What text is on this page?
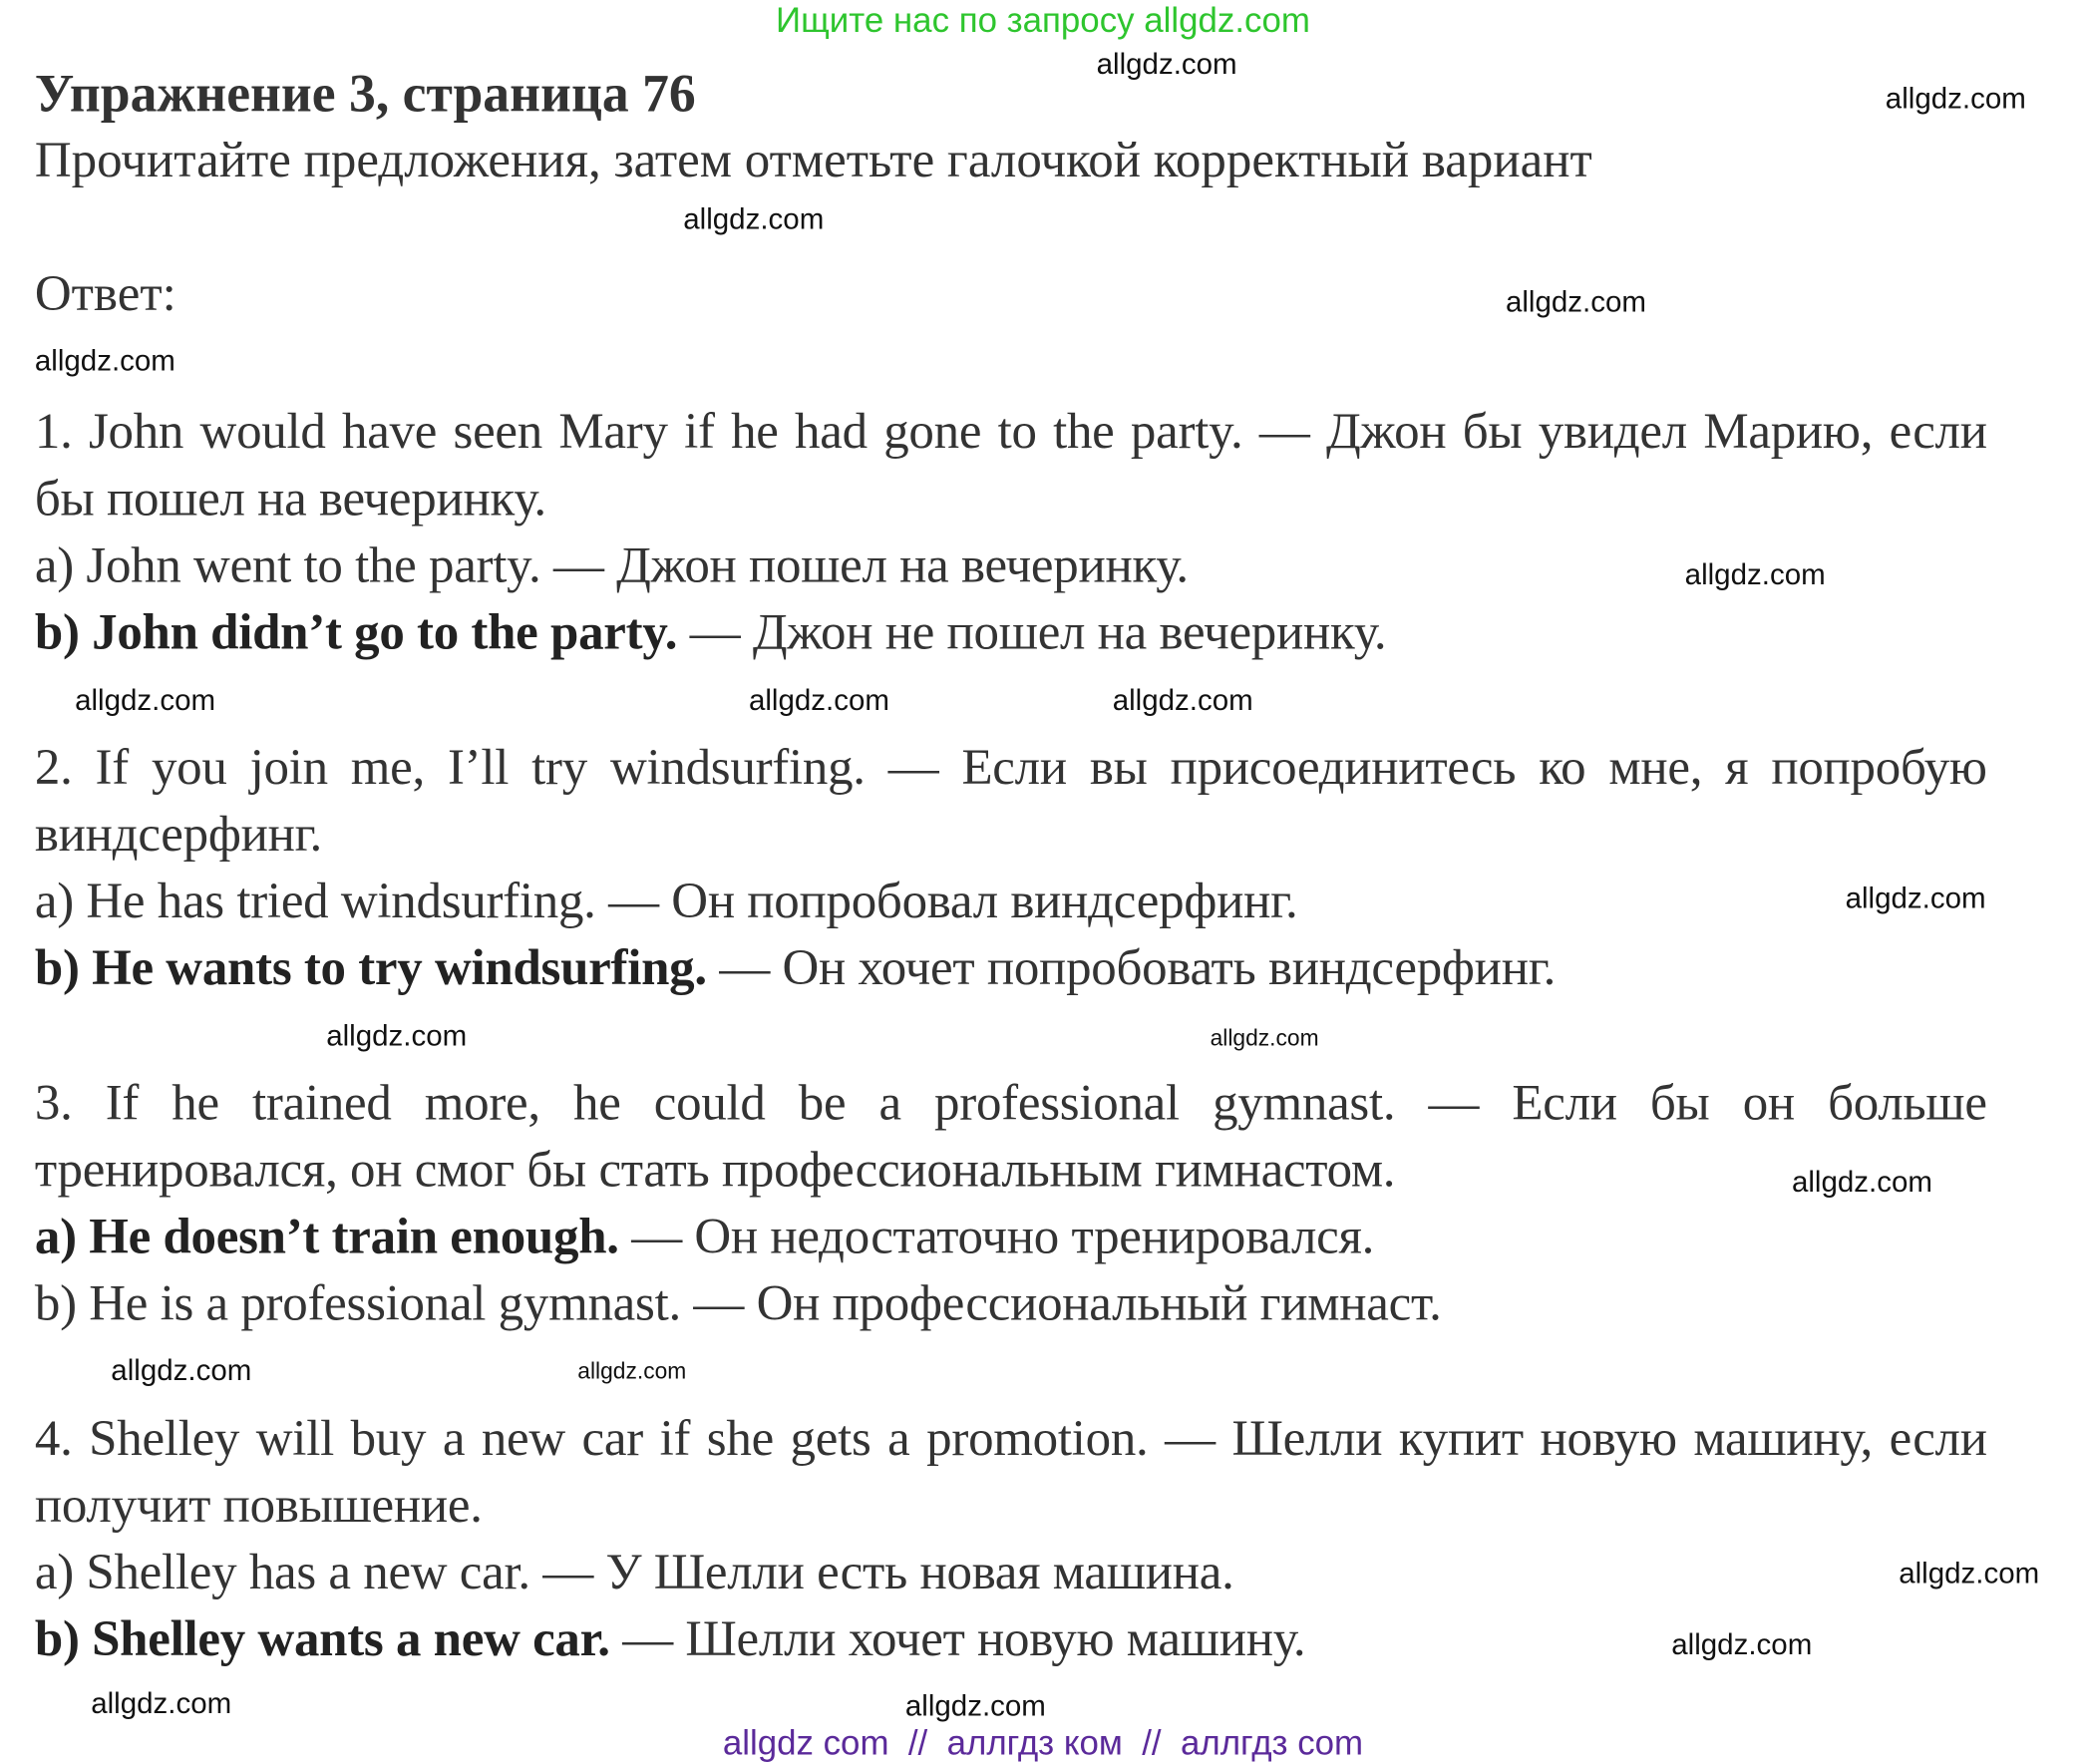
Ищите нас по запросу allgdz.com
Упражнение 3, страница 76
Прочитайте предложения, затем отметьте галочкой корректный вариант
Ответ:
1. John would have seen Mary if he had gone to the party. — Джон бы увидел Марию, если бы пошел на вечеринку.
a) John went to the party. — Джон пошел на вечеринку.
b) John didn’t go to the party. — Джон не пошел на вечеринку.
2. If you join me, I’ll try windsurfing. — Если вы присоединитесь ко мне, я попробую виндсерфинг.
a) He has tried windsurfing. — Он попробовал виндсерфинг.
b) He wants to try windsurfing. — Он хочет попробовать виндсерфинг.
3. If he trained more, he could be a professional gymnast. — Если бы он больше тренировался, он смог бы стать профессиональным гимнастом.
a) He doesn’t train enough. — Он недостаточно тренировался.
b) He is a professional gymnast. — Он профессиональный гимнаст.
4. Shelley will buy a new car if she gets a promotion. — Шелли купит новую машину, если получит повышение.
a) Shelley has a new car. — У Шелли есть новая машина.
b) Shelley wants a new car. — Шелли хочет новую машину.
allgdz.com
allgdz.com
allgdz.com
allgdz.com
allgdz.com
allgdz.com
allgdz.com
allgdz.com	allgdz.com
allgdz.com
allgdz.com
allgdz.com
allgdz.com
allgdz.com	allgdz.com
allgdz.com
allgdz.com
allgdz.com
allgdz.com
allgdz com  //  аллгдз ком  //  аллгдз com
